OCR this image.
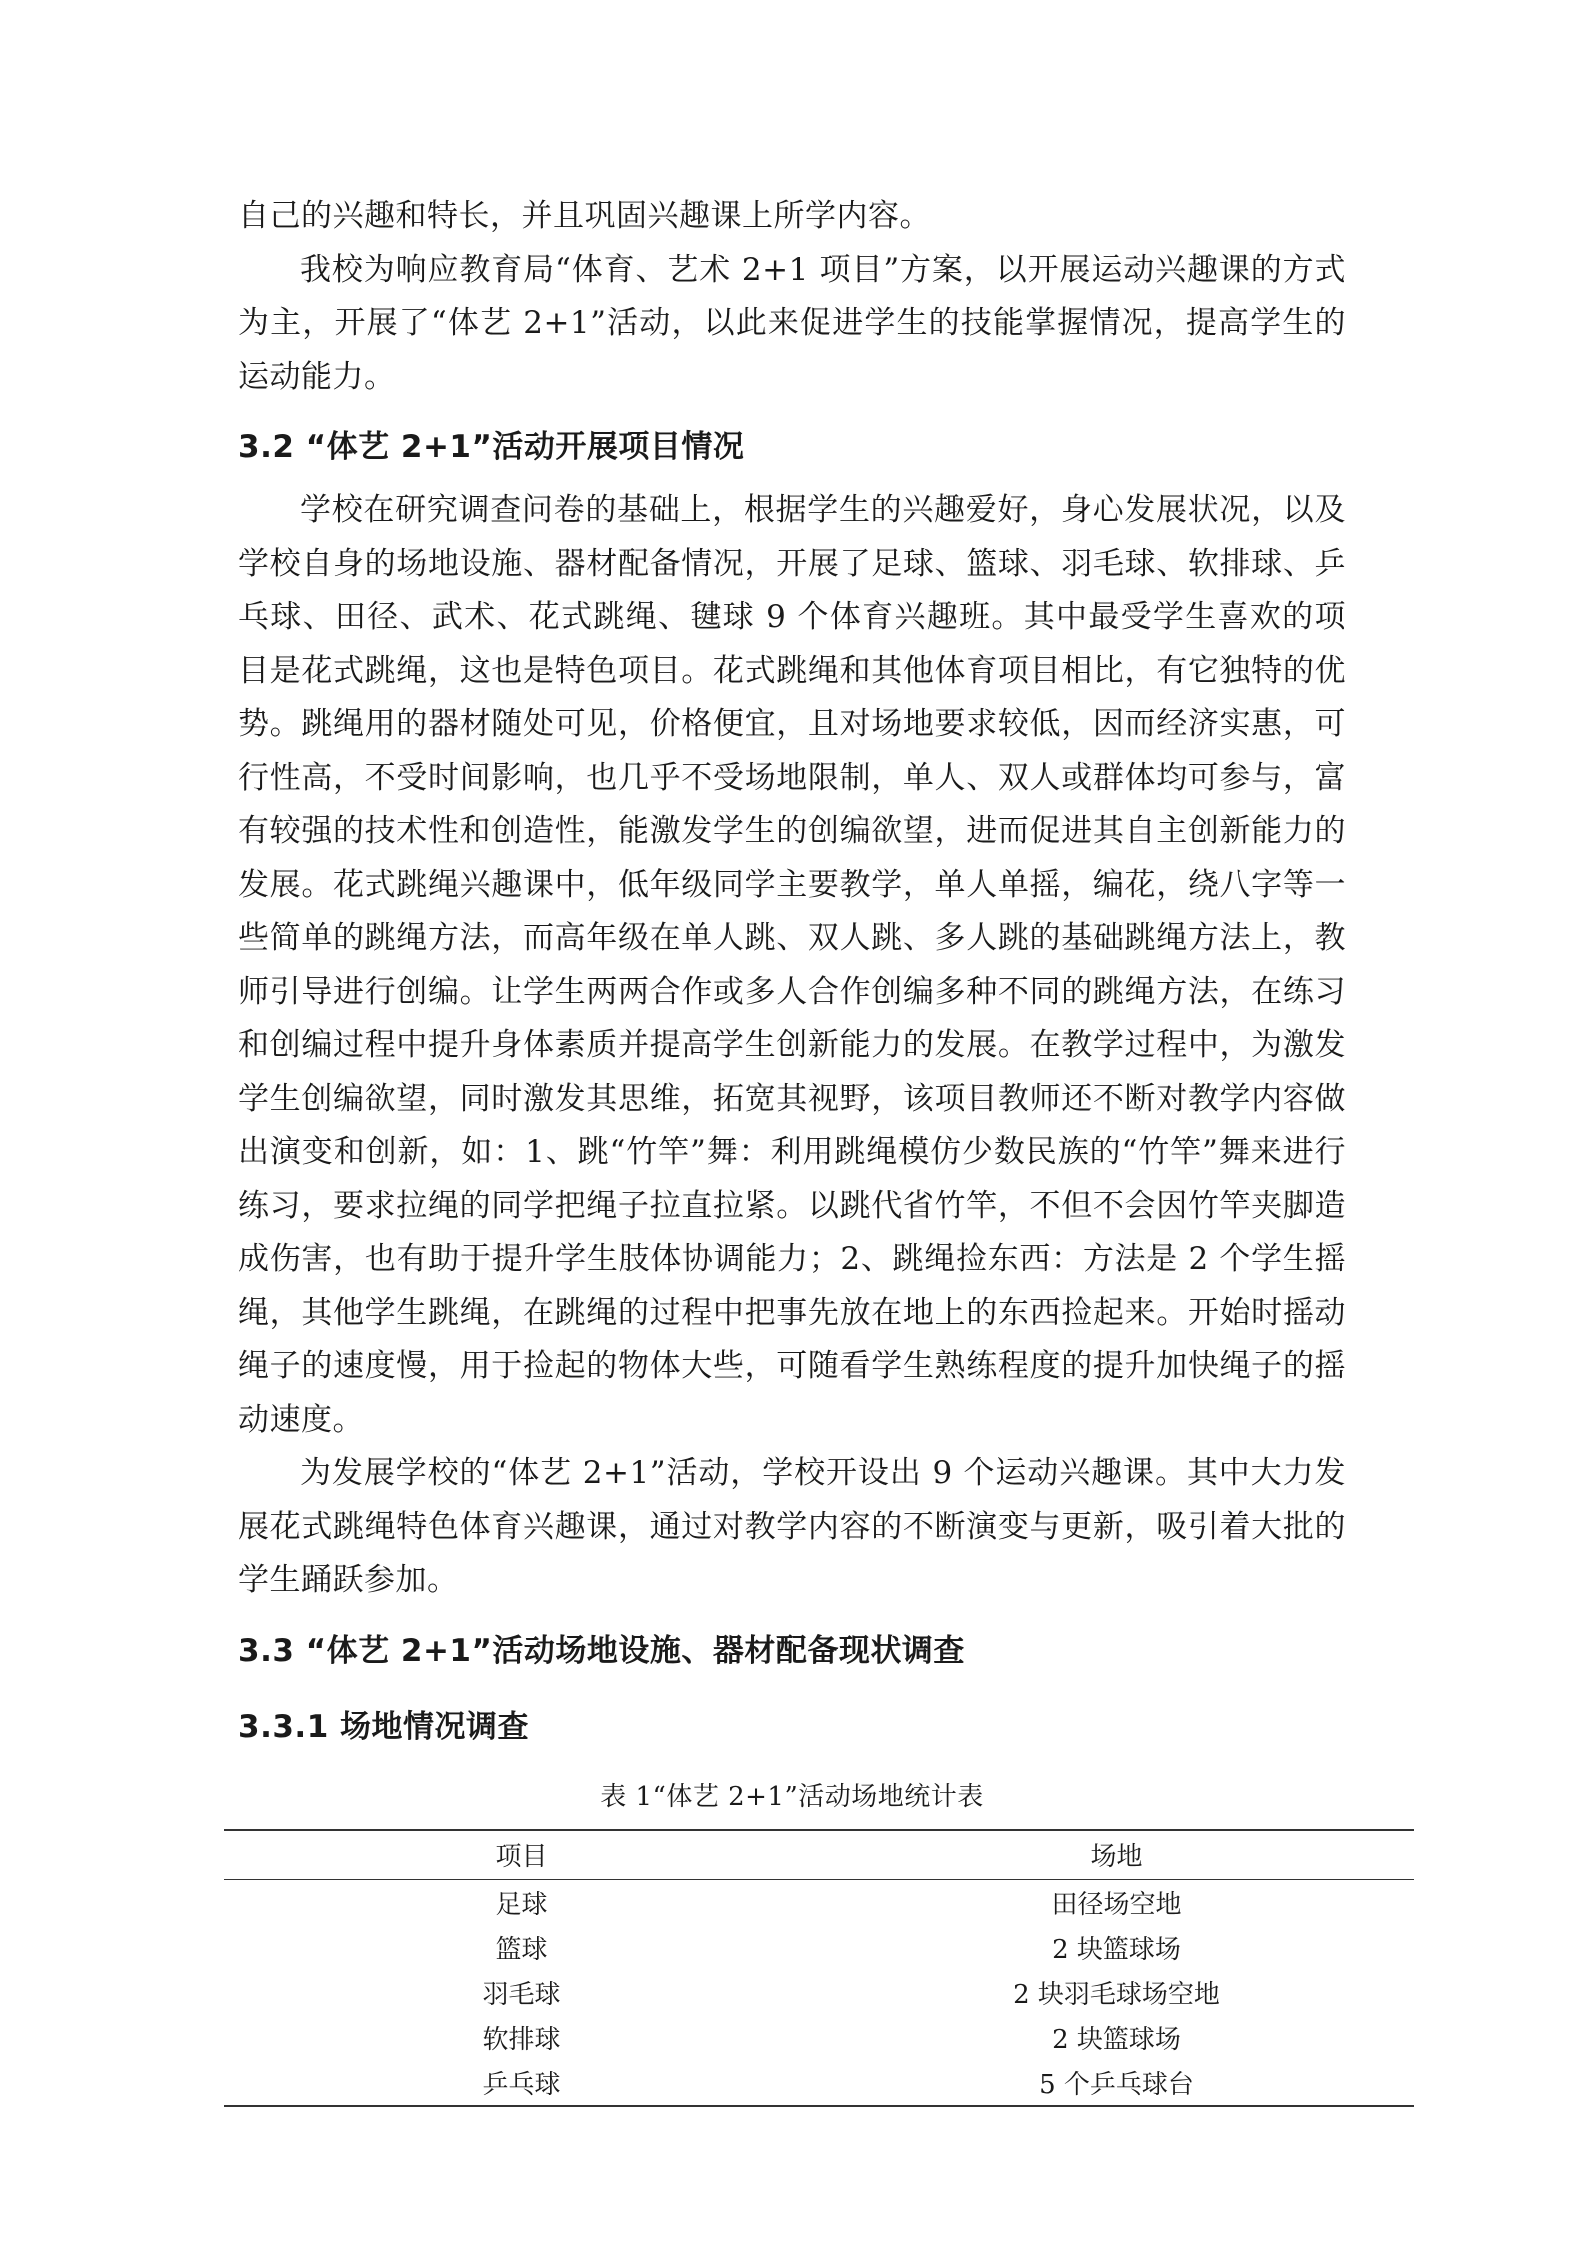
自己的兴趣和特长，并且巩固兴趣课上所学内容。

我校为响应教育局“体育、艺术 2+1 项目”方案，以开展运动兴趣课的方式为主，开展了“体艺 2+1”活动，以此来促进学生的技能掌握情况，提高学生的运动能力。

3.2 “体艺 2+1”活动开展项目情况

学校在研究调查问卷的基础上，根据学生的兴趣爱好，身心发展状况，以及学校自身的场地设施、器材配备情况，开展了足球、篮球、羽毛球、软排球、乒乓球、田径、武术、花式跳绳、毽球 9 个体育兴趣班。其中最受学生喜欢的项目是花式跳绳，这也是特色项目。花式跳绳和其他体育项目相比，有它独特的优势。跳绳用的器材随处可见，价格便宜，且对场地要求较低，因而经济实惠，可行性高，不受时间影响，也几乎不受场地限制，单人、双人或群体均可参与，富有较强的技术性和创造性，能激发学生的创编欲望，进而促进其自主创新能力的发展。花式跳绳兴趣课中，低年级同学主要教学，单人单摇，编花，绕八字等一些简单的跳绳方法，而高年级在单人跳、双人跳、多人跳的基础跳绳方法上，教师引导进行创编。让学生两两合作或多人合作创编多种不同的跳绳方法，在练习和创编过程中提升身体素质并提高学生创新能力的发展。在教学过程中，为激发学生创编欲望，同时激发其思维，拓宽其视野，该项目教师还不断对教学内容做出演变和创新，如：1、跳“竹竿”舞：利用跳绳模仿少数民族的“竹竿”舞来进行练习，要求拉绳的同学把绳子拉直拉紧。以跳代省竹竿，不但不会因竹竿夹脚造成伤害，也有助于提升学生肢体协调能力；2、跳绳捡东西：方法是 2 个学生摇绳，其他学生跳绳，在跳绳的过程中把事先放在地上的东西捡起来。开始时摇动绳子的速度慢，用于捡起的物体大些，可随看学生熟练程度的提升加快绳子的摇动速度。

为发展学校的“体艺 2+1”活动，学校开设出 9 个运动兴趣课。其中大力发展花式跳绳特色体育兴趣课，通过对教学内容的不断演变与更新，吸引着大批的学生踊跃参加。

3.3 “体艺 2+1”活动场地设施、器材配备现状调查
3.3.1 场地情况调查
表 1“体艺 2+1”活动场地统计表
项目	场地
足球	田径场空地
篮球	2 块篮球场
羽毛球	2 块羽毛球场空地
软排球	2 块篮球场
乒乓球	5 个乒乓球台
